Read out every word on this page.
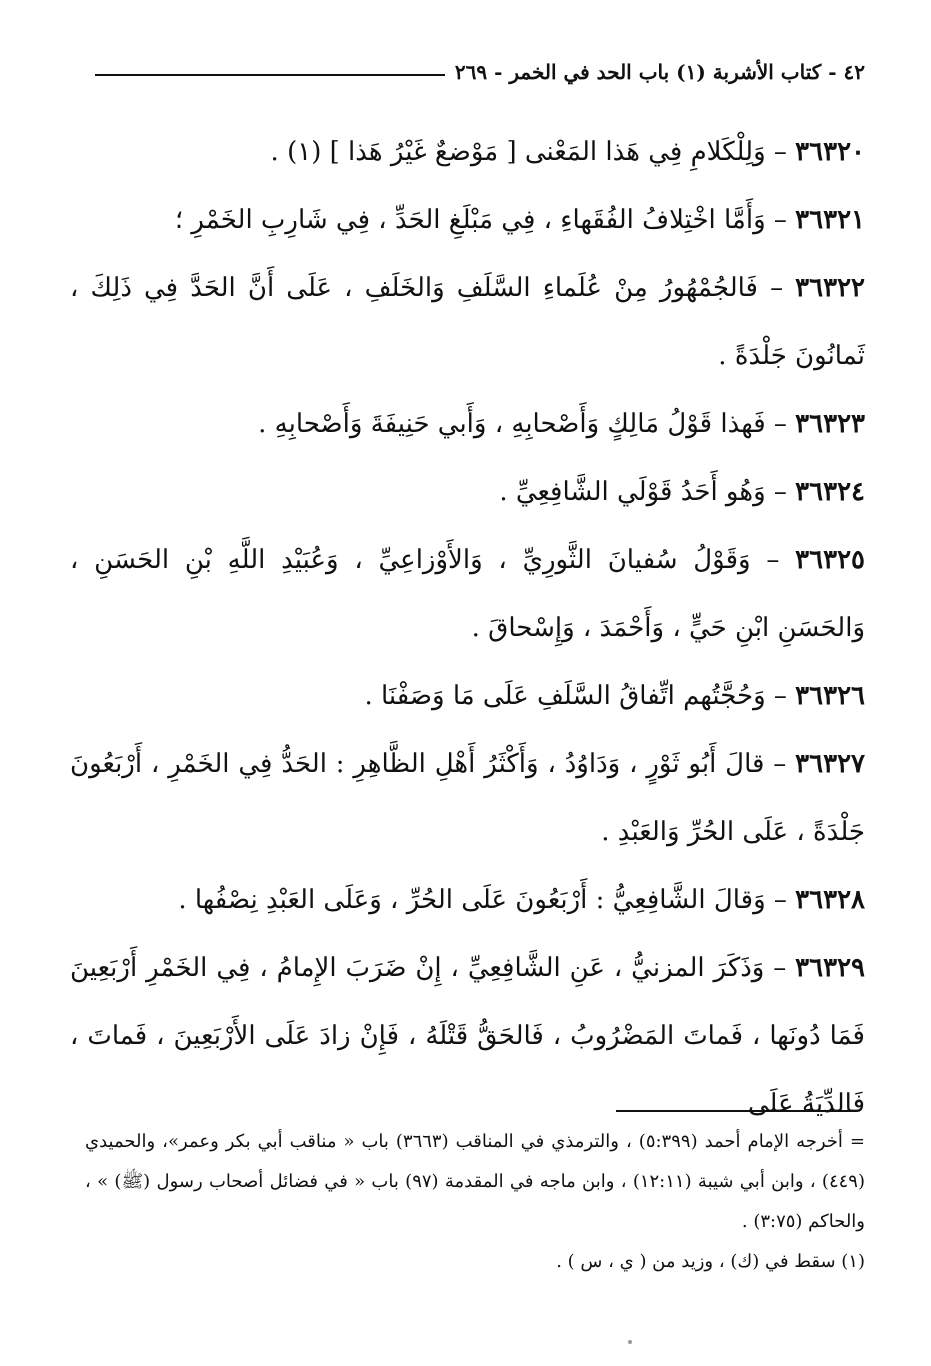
٤٢ - كتاب الأشربة (١) باب الحد في الخمر - ٢٦٩

٣٦٣٢٠ – وَلِلْكَلامِ فِي هَذا المَعْنى [ مَوْضعٌ غَيْرُ هَذا ] (١) .

٣٦٣٢١ – وَأَمَّا اخْتِلافُ الفُقَهاءِ ، فِي مَبْلَغِ الحَدِّ ، فِي شَارِبِ الخَمْرِ ؛

٣٦٣٢٢ – فَالجُمْهُورُ مِنْ عُلَماءِ السَّلَفِ وَالخَلَفِ ، عَلَى أَنَّ الحَدَّ فِي ذَلِكَ ، ثَمانُونَ جَلْدَةً .

٣٦٣٢٣ – فَهذا قَوْلُ مَالِكٍ وَأَصْحابِهِ ، وَأَبي حَنِيفَةَ وَأَصْحابِهِ .

٣٦٣٢٤ – وَهُو أَحَدُ قَوْلَي الشَّافِعِيِّ .

٣٦٣٢٥ – وَقَوْلُ سُفيانَ الثَّورِيِّ ، وَالأَوْزاعِيِّ ، وَعُبَيْدِ اللَّهِ بْنِ الحَسَنِ ، وَالحَسَنِ ابْنِ حَيٍّ ، وَأَحْمَدَ ، وَإِسْحاقَ .

٣٦٣٢٦ – وَحُجَّتُهم اتِّفاقُ السَّلَفِ عَلَى مَا وَصَفْنَا .

٣٦٣٢٧ – قالَ أَبُو ثَوْرٍ ، وَدَاوُدُ ، وَأَكْثَرُ أَهْلِ الظَّاهِرِ : الحَدُّ فِي الخَمْرِ ، أَرْبَعُونَ جَلْدَةً ، عَلَى الحُرِّ وَالعَبْدِ .

٣٦٣٢٨ – وَقالَ الشَّافِعِيُّ : أَرْبَعُونَ عَلَى الحُرِّ ، وَعَلَى العَبْدِ نِصْفُها .

٣٦٣٢٩ – وَذَكَرَ المزنيُّ ، عَنِ الشَّافِعِيِّ ، إِنْ ضَرَبَ الإِمامُ ، فِي الخَمْرِ أَرْبَعِينَ فَمَا دُونَها ، فَماتَ المَضْرُوبُ ، فَالحَقُّ قَتْلَهُ ، فَإِنْ زادَ عَلَى الأَرْبَعِينَ ، فَماتَ ، فَالدِّيَةُ عَلَى

= أخرجه الإمام أحمد (٥:٣٩٩) ، والترمذي في المناقب (٣٦٦٣) باب « مناقب أبي بكر وعمر»، والحميدي (٤٤٩) ، وابن أبي شيبة (١٢:١١) ، وابن ماجه في المقدمة (٩٧) باب « في فضائل أصحاب رسول (ﷺ) » ، والحاكم (٣:٧٥) .

(١) سقط في (ك) ، وزيد من ( ي ، س ) .
